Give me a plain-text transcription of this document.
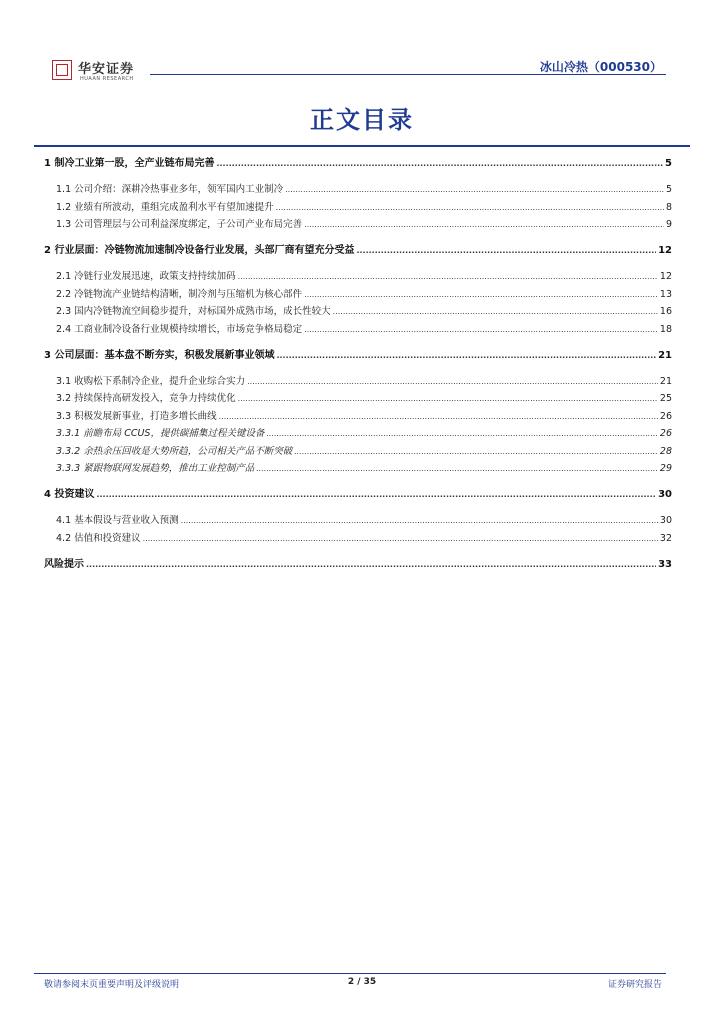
华安证券
HUAAN RESEARCH
冰山冷热（000530）
正文目录
1 制冷工业第一股，全产业链布局完善 .....	5
1.1 公司介绍：深耕冷热事业多年，领军国内工业制冷 .....	5
1.2 业绩有所波动，重组完成盈利水平有望加速提升 .....	8
1.3 公司管理层与公司利益深度绑定，子公司产业布局完善 .....	9
2 行业层面：冷链物流加速制冷设备行业发展，头部厂商有望充分受益 .....	12
2.1 冷链行业发展迅速，政策支持持续加码 .....	12
2.2 冷链物流产业链结构清晰，制冷剂与压缩机为核心部件 .....	13
2.3 国内冷链物流空间稳步提升，对标国外成熟市场，成长性较大 .....	16
2.4 工商业制冷设备行业规模持续增长，市场竞争格局稳定 .....	18
3 公司层面：基本盘不断夯实，积极发展新事业领域 .....	21
3.1 收购松下系制冷企业，提升企业综合实力 .....	21
3.2 持续保持高研发投入，竞争力持续优化 .....	25
3.3 积极发展新事业，打造多增长曲线 .....	26
3.3.1 前瞻布局 CCUS，提供碳捕集过程关键设备 .....	26
3.3.2 余热余压回收是大势所趋，公司相关产品不断突破 .....	28
3.3.3 紧跟物联网发展趋势，推出工业控制产品 .....	29
4 投资建议 .....	30
4.1 基本假设与营业收入预测 .....	30
4.2 估值和投资建议 .....	32
风险提示 .....	33
敬请参阅末页重要声明及评级说明	2 / 35	证券研究报告
